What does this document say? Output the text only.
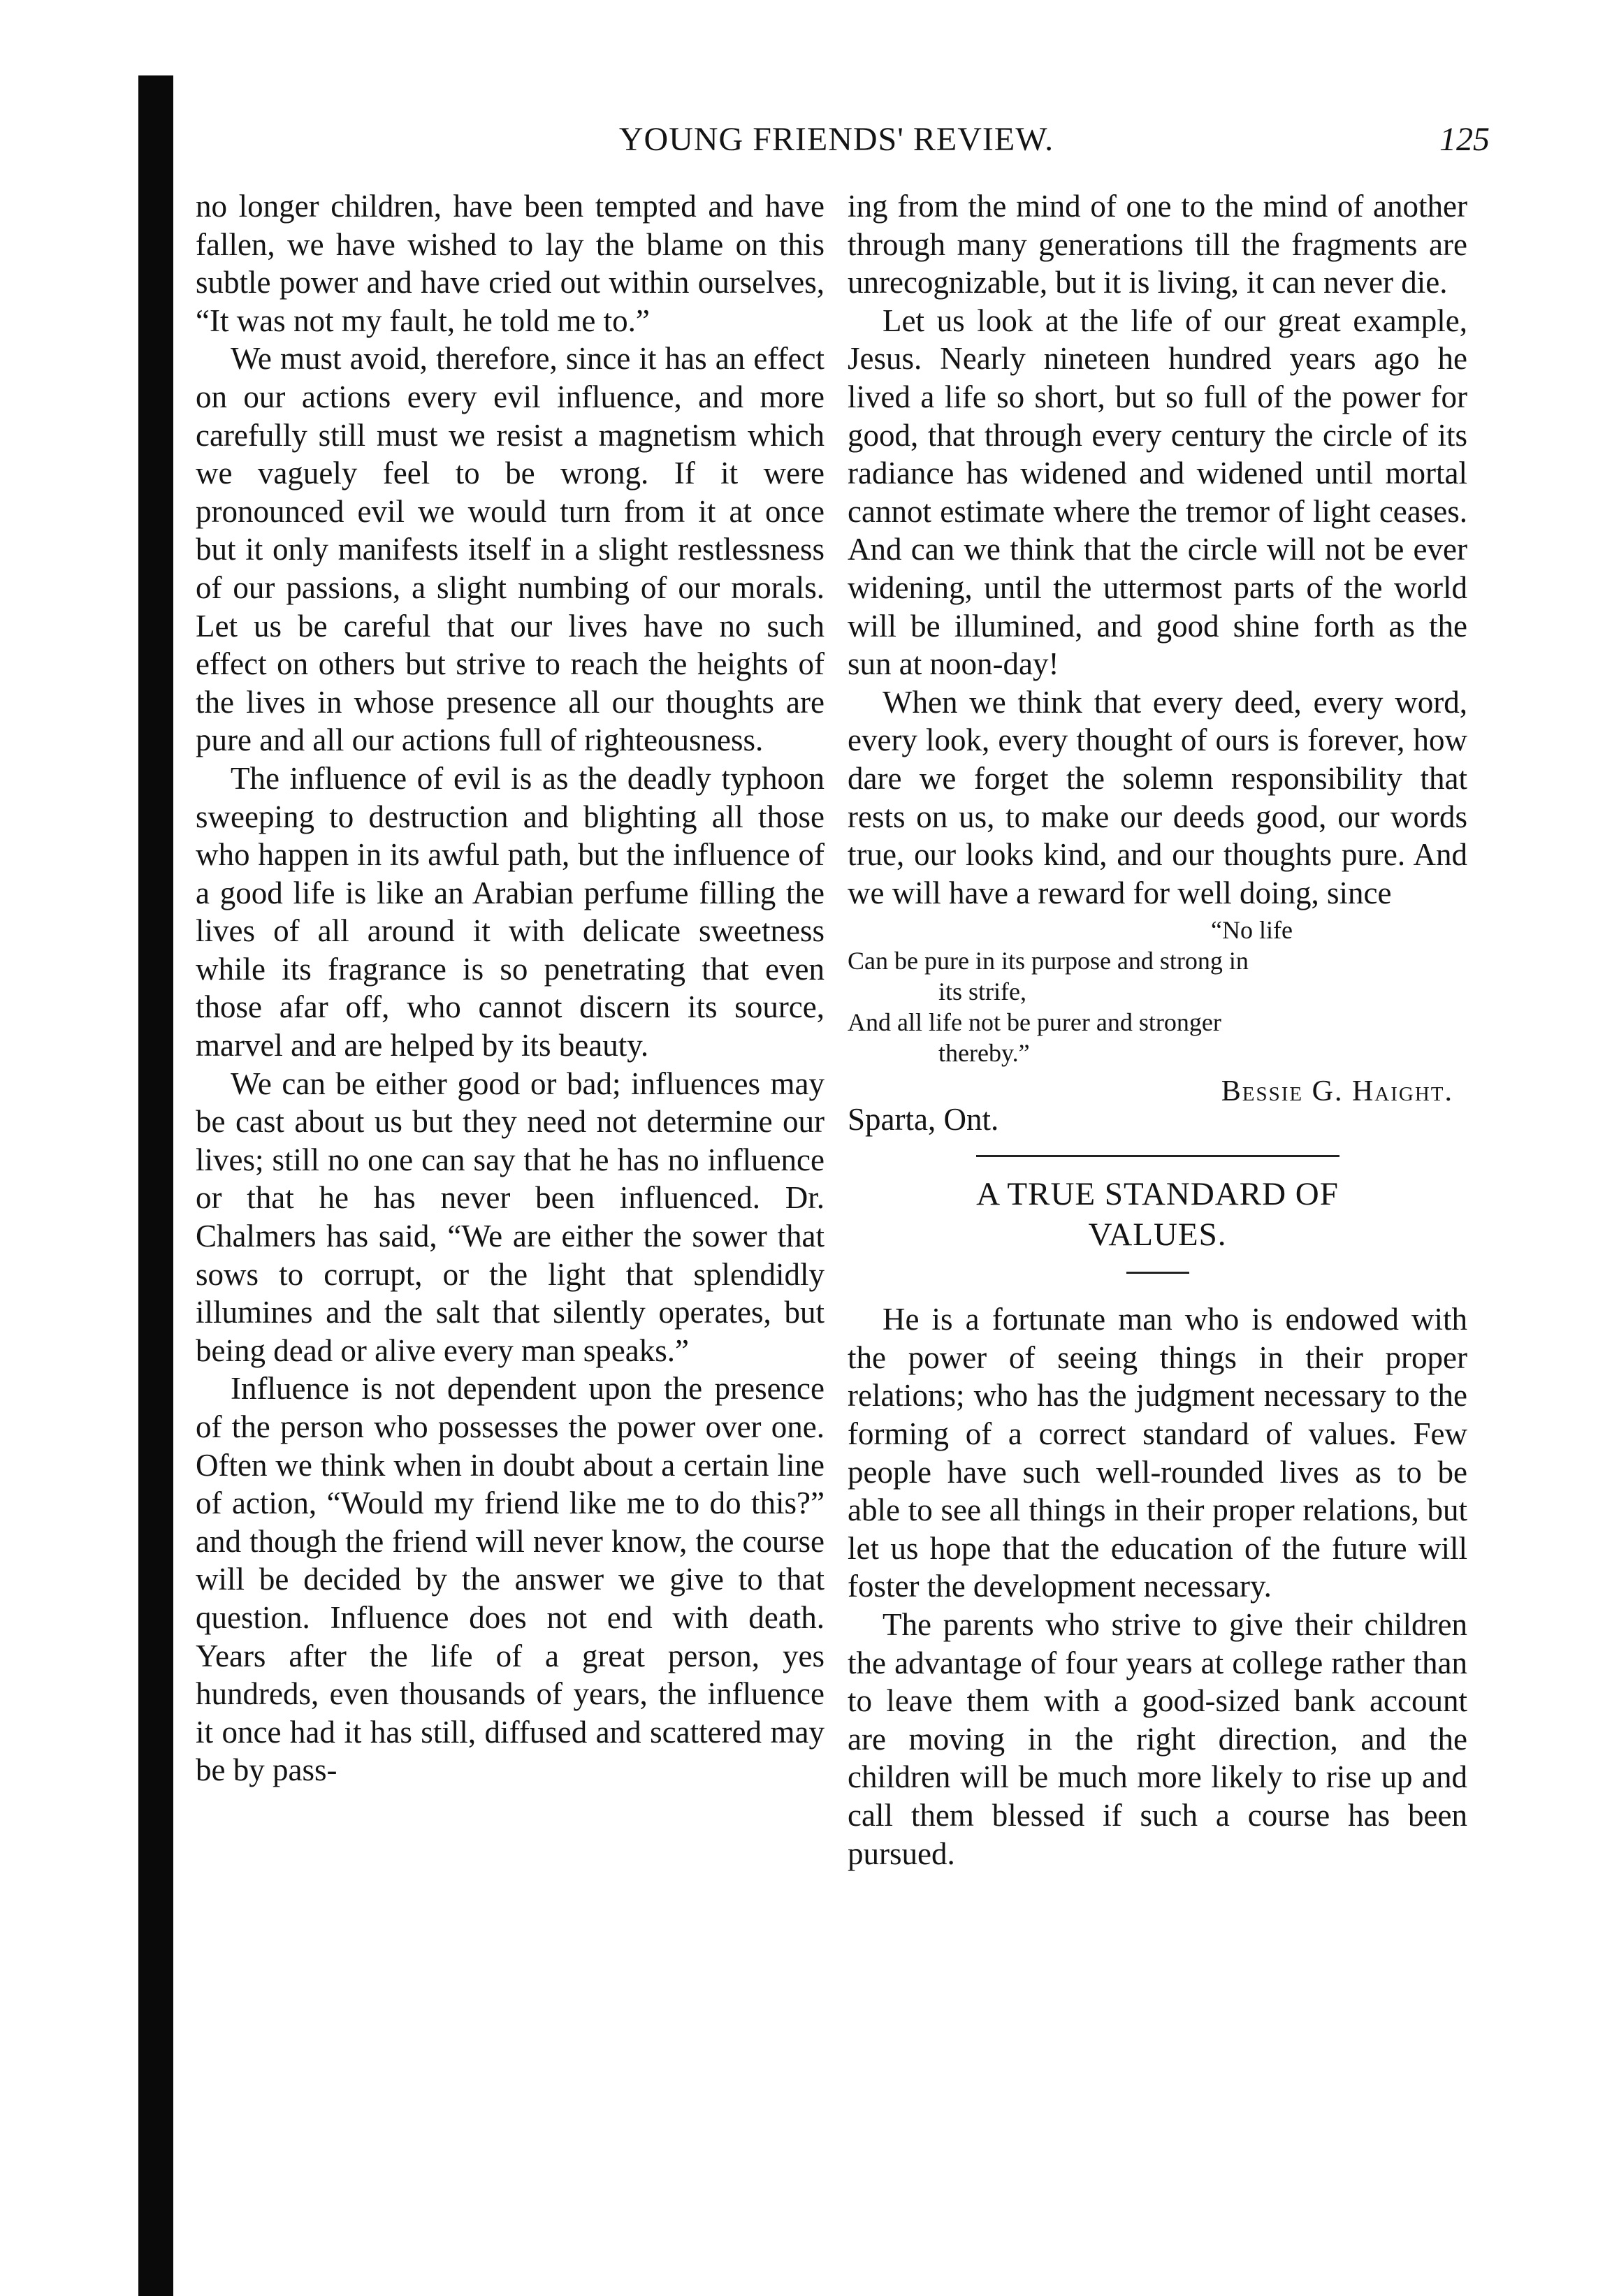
YOUNG FRIENDS' REVIEW.	125

no longer children, have been tempted and have fallen, we have wished to lay the blame on this subtle power and have cried out within ourselves, “It was not my fault, he told me to.”

We must avoid, therefore, since it has an effect on our actions every evil influence, and more carefully still must we resist a magnetism which we vaguely feel to be wrong. If it were pronounced evil we would turn from it at once but it only manifests itself in a slight restlessness of our passions, a slight numbing of our morals. Let us be careful that our lives have no such effect on others but strive to reach the heights of the lives in whose presence all our thoughts are pure and all our actions full of righteousness.

The influence of evil is as the deadly typhoon sweeping to destruction and blighting all those who happen in its awful path, but the influence of a good life is like an Arabian perfume filling the lives of all around it with delicate sweetness while its fragrance is so penetrating that even those afar off, who cannot discern its source, marvel and are helped by its beauty.

We can be either good or bad; influences may be cast about us but they need not determine our lives; still no one can say that he has no influence or that he has never been influenced. Dr. Chalmers has said, “We are either the sower that sows to corrupt, or the light that splendidly illumines and the salt that silently operates, but being dead or alive every man speaks.”

Influence is not dependent upon the presence of the person who possesses the power over one. Often we think when in doubt about a certain line of action, “Would my friend like me to do this?” and though the friend will never know, the course will be decided by the answer we give to that question. Influence does not end with death. Years after the life of a great person, yes hundreds, even thousands of years, the influence it once had it has still, diffused and scattered may be by pass-

ing from the mind of one to the mind of another through many generations till the fragments are unrecognizable, but it is living, it can never die.

Let us look at the life of our great example, Jesus. Nearly nineteen hundred years ago he lived a life so short, but so full of the power for good, that through every century the circle of its radiance has widened and widened until mortal cannot estimate where the tremor of light ceases. And can we think that the circle will not be ever widening, until the uttermost parts of the world will be illumined, and good shine forth as the sun at noon-day!

When we think that every deed, every word, every look, every thought of ours is forever, how dare we forget the solemn responsibility that rests on us, to make our deeds good, our words true, our looks kind, and our thoughts pure. And we will have a reward for well doing, since

“No life
Can be pure in its purpose and strong in
its strife,
And all life not be purer and stronger
thereby.”
Bessie G. Haight.
Sparta, Ont.
A TRUE STANDARD OF
VALUES.

He is a fortunate man who is endowed with the power of seeing things in their proper relations; who has the judgment necessary to the forming of a correct standard of values. Few people have such well-rounded lives as to be able to see all things in their proper relations, but let us hope that the education of the future will foster the development necessary.

The parents who strive to give their children the advantage of four years at college rather than to leave them with a good-sized bank account are moving in the right direction, and the children will be much more likely to rise up and call them blessed if such a course has been pursued.
